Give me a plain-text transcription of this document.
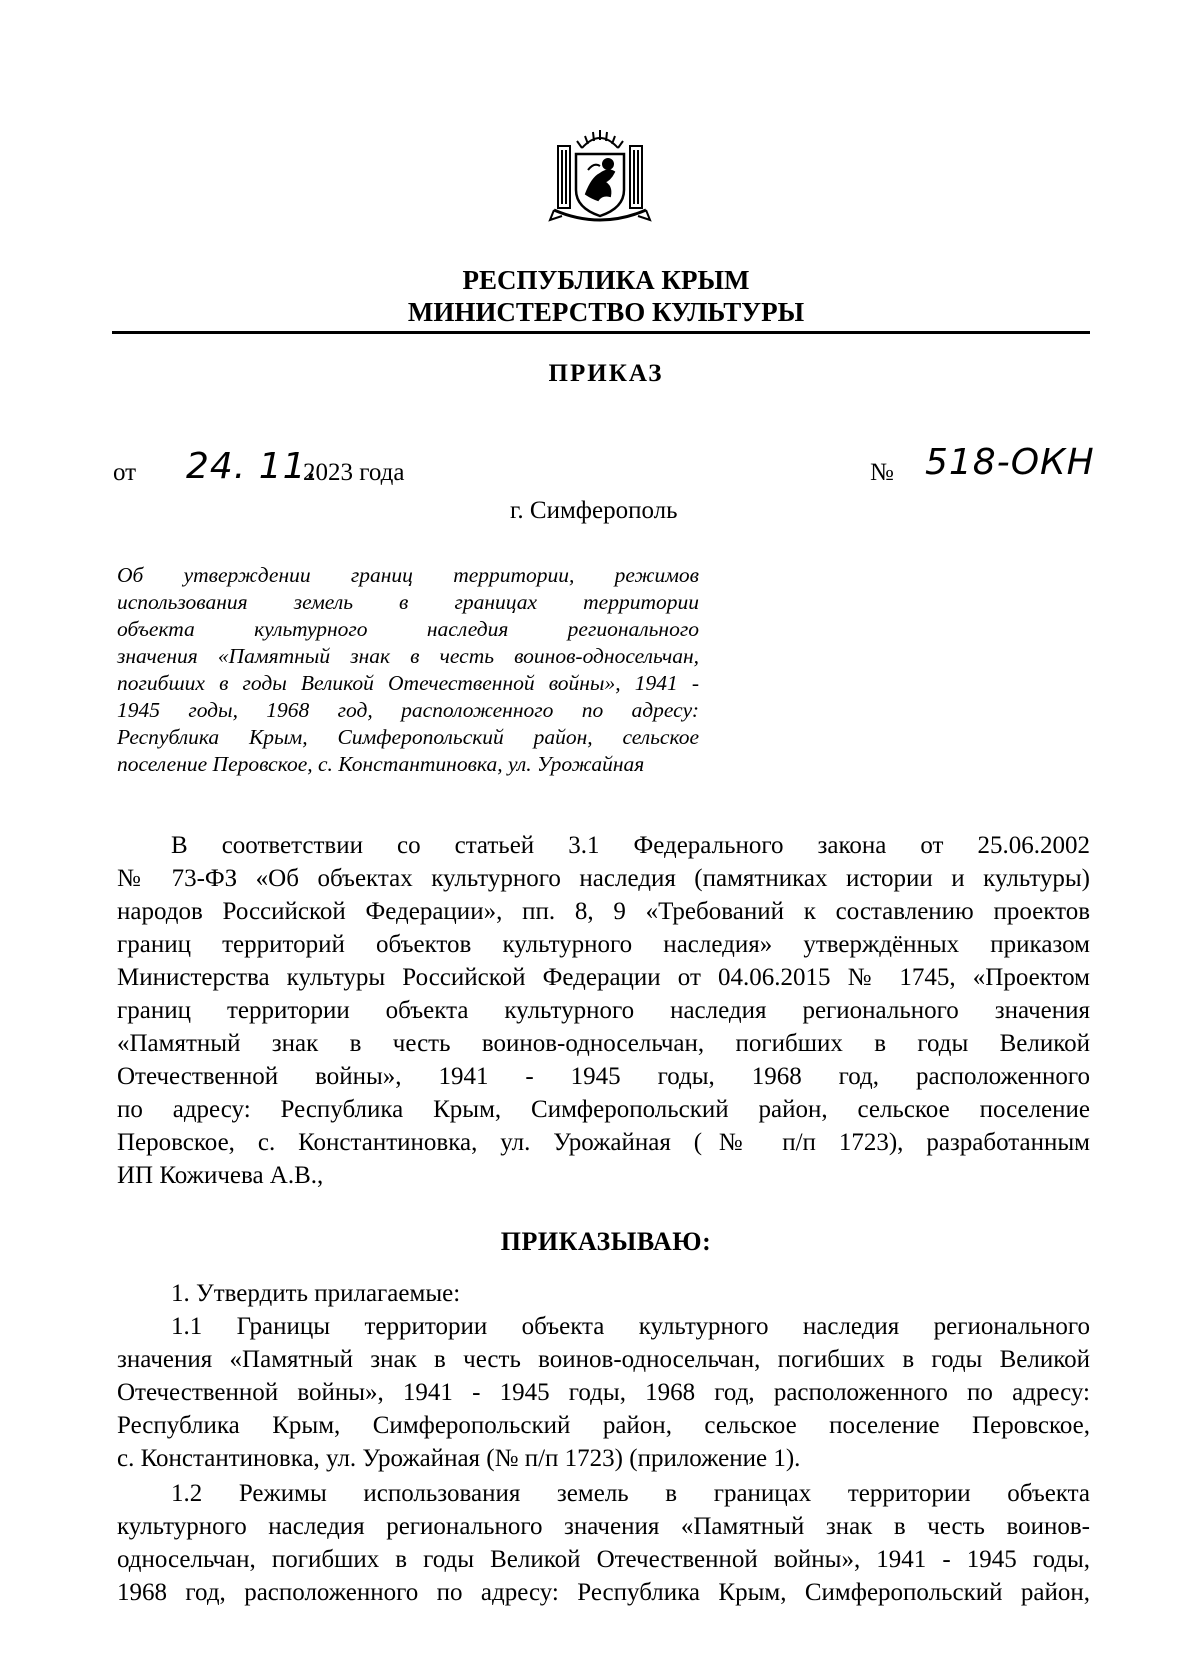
РЕСПУБЛИКА КРЫМ
МИНИСТЕРСТВО КУЛЬТУРЫ
ПРИКАЗ
от 24. 11.
2023 года	№ 518-ОКН
г. Симферополь
Об утверждении границ территории, режимов
использования земель в границах территории
объекта культурного наследия регионального
значения «Памятный знак в честь воинов-односельчан,
погибших в годы Великой Отечественной войны», 1941 -
1945 годы, 1968 год, расположенного по адресу:
Республика Крым, Симферопольский район, сельское
поселение Перовское, с. Константиновка, ул. Урожайная
В соответствии со статьей 3.1 Федерального закона от 25.06.2002
№ 73-ФЗ «Об объектах культурного наследия (памятниках истории и культуры)
народов Российской Федерации», пп. 8, 9 «Требований к составлению проектов
границ территорий объектов культурного наследия» утверждённых приказом
Министерства культуры Российской Федерации от 04.06.2015 № 1745, «Проектом
границ территории объекта культурного наследия регионального значения
«Памятный знак в честь воинов-односельчан, погибших в годы Великой
Отечественной войны», 1941 - 1945 годы, 1968 год, расположенного
по адресу: Республика Крым, Симферопольский район, сельское поселение
Перовское, с. Константиновка, ул. Урожайная (№ п/п 1723), разработанным
ИП Кожичева А.В.,
ПРИКАЗЫВАЮ:
1. Утвердить прилагаемые:
1.1 Границы территории объекта культурного наследия регионального
значения «Памятный знак в честь воинов-односельчан, погибших в годы Великой
Отечественной войны», 1941 - 1945 годы, 1968 год, расположенного по адресу:
Республика Крым, Симферопольский район, сельское поселение Перовское,
с. Константиновка, ул. Урожайная (№ п/п 1723) (приложение 1).
1.2 Режимы использования земель в границах территории объекта
культурного наследия регионального значения «Памятный знак в честь воинов-
односельчан, погибших в годы Великой Отечественной войны», 1941 - 1945 годы,
1968 год, расположенного по адресу: Республика Крым, Симферопольский район,
